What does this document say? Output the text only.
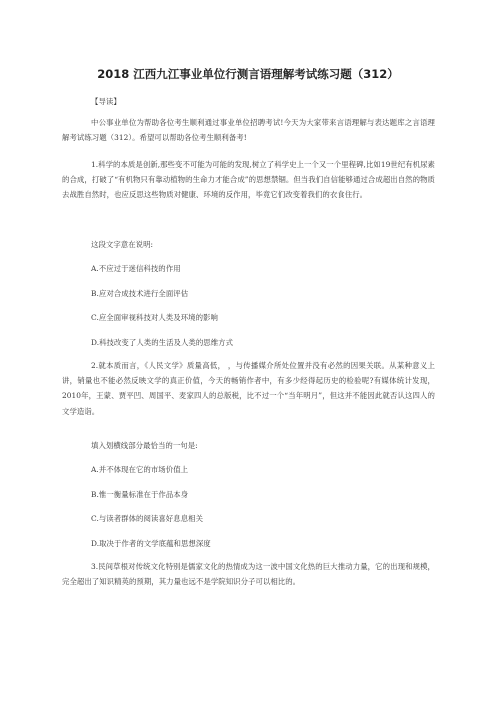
2018 江西九江事业单位行测言语理解考试练习题（312）
【导读】
中公事业单位为帮助各位考生顺利通过事业单位招聘考试!今天为大家带来言语理解与表达题库之言语理解考试练习题（312）。希望可以帮助各位考生顺利备考!
1.科学的本质是创新,那些变不可能为可能的发现,树立了科学史上一个又一个里程碑,比如19世纪有机尿素的合成，打破了“有机物只有靠动植物的生命力才能合成”的思想禁锢。但当我们自信能够通过合成超出自然的物质去战胜自然时，也应反思这些物质对健康、环境的反作用，毕竟它们改变着我们的衣食住行。
这段文字意在说明:
A.不应过于迷信科技的作用
B.应对合成技术进行全面评估
C.应全面审视科技对人类及环境的影响
D.科技改变了人类的生活及人类的思维方式
2.就本质而言，《人民文学》质量高低， ，与传播媒介所处位置并没有必然的因果关联。从某种意义上讲，销量也不能必然反映文学的真正价值，今天的畅销作者中，有多少经得起历史的检验呢?有媒体统计发现，2010年，王蒙、贾平凹、周国平、麦家四人的总版税，比不过一个“当年明月”，但这并不能因此就否认这四人的文学造诣。
填入划横线部分最恰当的一句是:
A.并不体现在它的市场价值上
B.惟一衡量标准在于作品本身
C.与读者群体的阅读喜好息息相关
D.取决于作者的文学底蕴和思想深度
3.民间草根对传统文化特别是儒家文化的热情成为这一波中国文化热的巨大推动力量，它的出现和规模，完全超出了知识精英的预期，其力量也远不是学院知识分子可以相比的。
